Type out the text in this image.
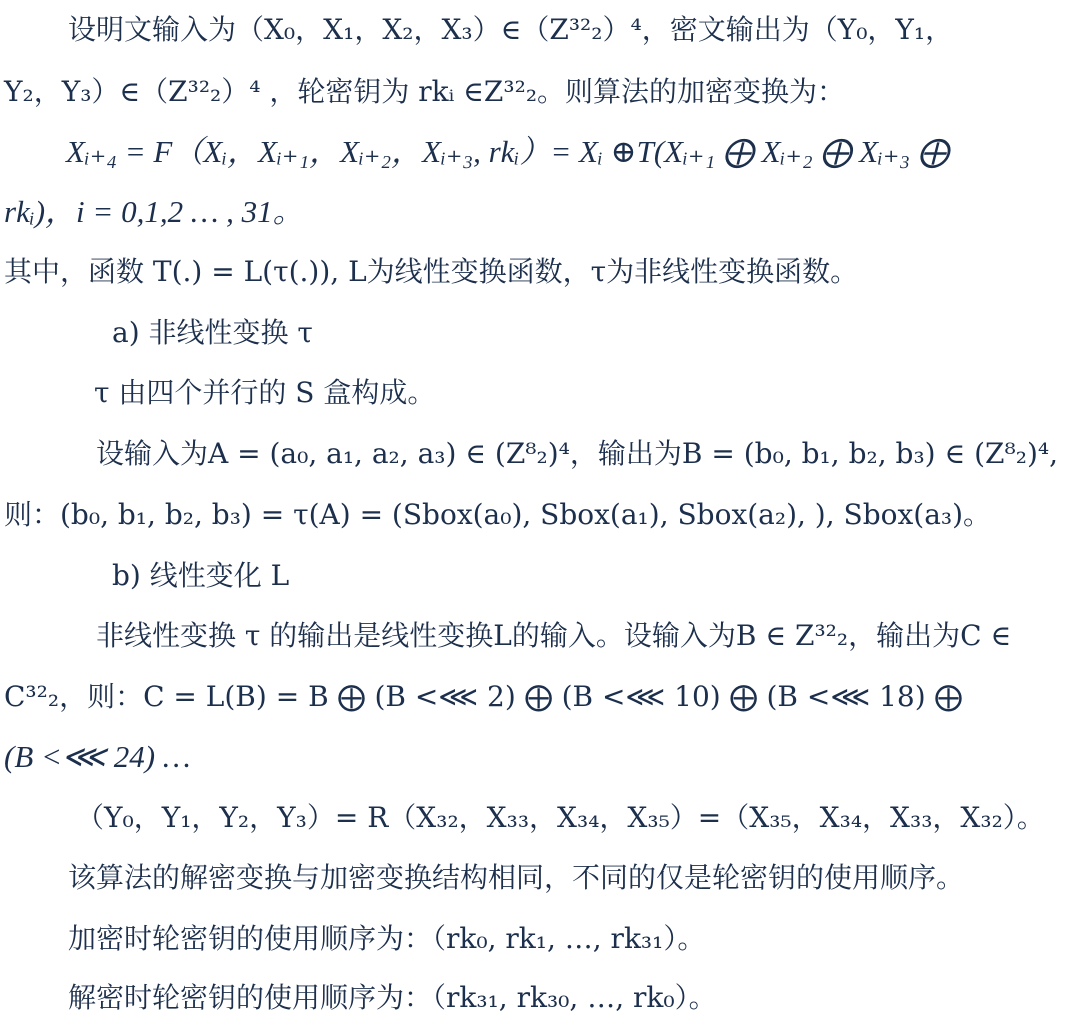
设明文输入为（X₀，X₁，X₂，X₃）∈（Z³²₂）⁴，密文输出为（Y₀，Y₁，
Y₂，Y₃）∈（Z³²₂）⁴ ，轮密钥为 rkᵢ ∈Z³²₂。则算法的加密变换为：
Xᵢ₊₄ = F（Xᵢ，Xᵢ₊₁，Xᵢ₊₂，Xᵢ₊₃, rkᵢ）= Xᵢ ⊕T(Xᵢ₊₁ ⨁ Xᵢ₊₂ ⨁ Xᵢ₊₃ ⨁
rkᵢ)，i = 0,1,2 … , 31。
其中，函数 T(.) = L(τ(.)), L为线性变换函数，τ为非线性变换函数。
a) 非线性变换 τ
τ 由四个并行的 S 盒构成。
设输入为A = (a₀, a₁, a₂, a₃) ∈ (Z⁸₂)⁴，输出为B = (b₀, b₁, b₂, b₃) ∈ (Z⁸₂)⁴,
则：(b₀, b₁, b₂, b₃) = τ(A) = (Sbox(a₀), Sbox(a₁), Sbox(a₂), ), Sbox(a₃)。
b) 线性变化 L
非线性变换 τ 的输出是线性变换L的输入。设输入为B ∈ Z³²₂，输出为C ∈
C³²₂，则：C = L(B) = B ⨁ (B <⋘ 2) ⨁ (B <⋘ 10) ⨁ (B <⋘ 18) ⨁
(B <⋘ 24) …
（Y₀，Y₁，Y₂，Y₃）= R（X₃₂，X₃₃，X₃₄，X₃₅）=（X₃₅，X₃₄，X₃₃，X₃₂）。
该算法的解密变换与加密变换结构相同，不同的仅是轮密钥的使用顺序。
加密时轮密钥的使用顺序为：（rk₀, rk₁, …, rk₃₁）。
解密时轮密钥的使用顺序为：（rk₃₁, rk₃₀, …, rk₀）。
